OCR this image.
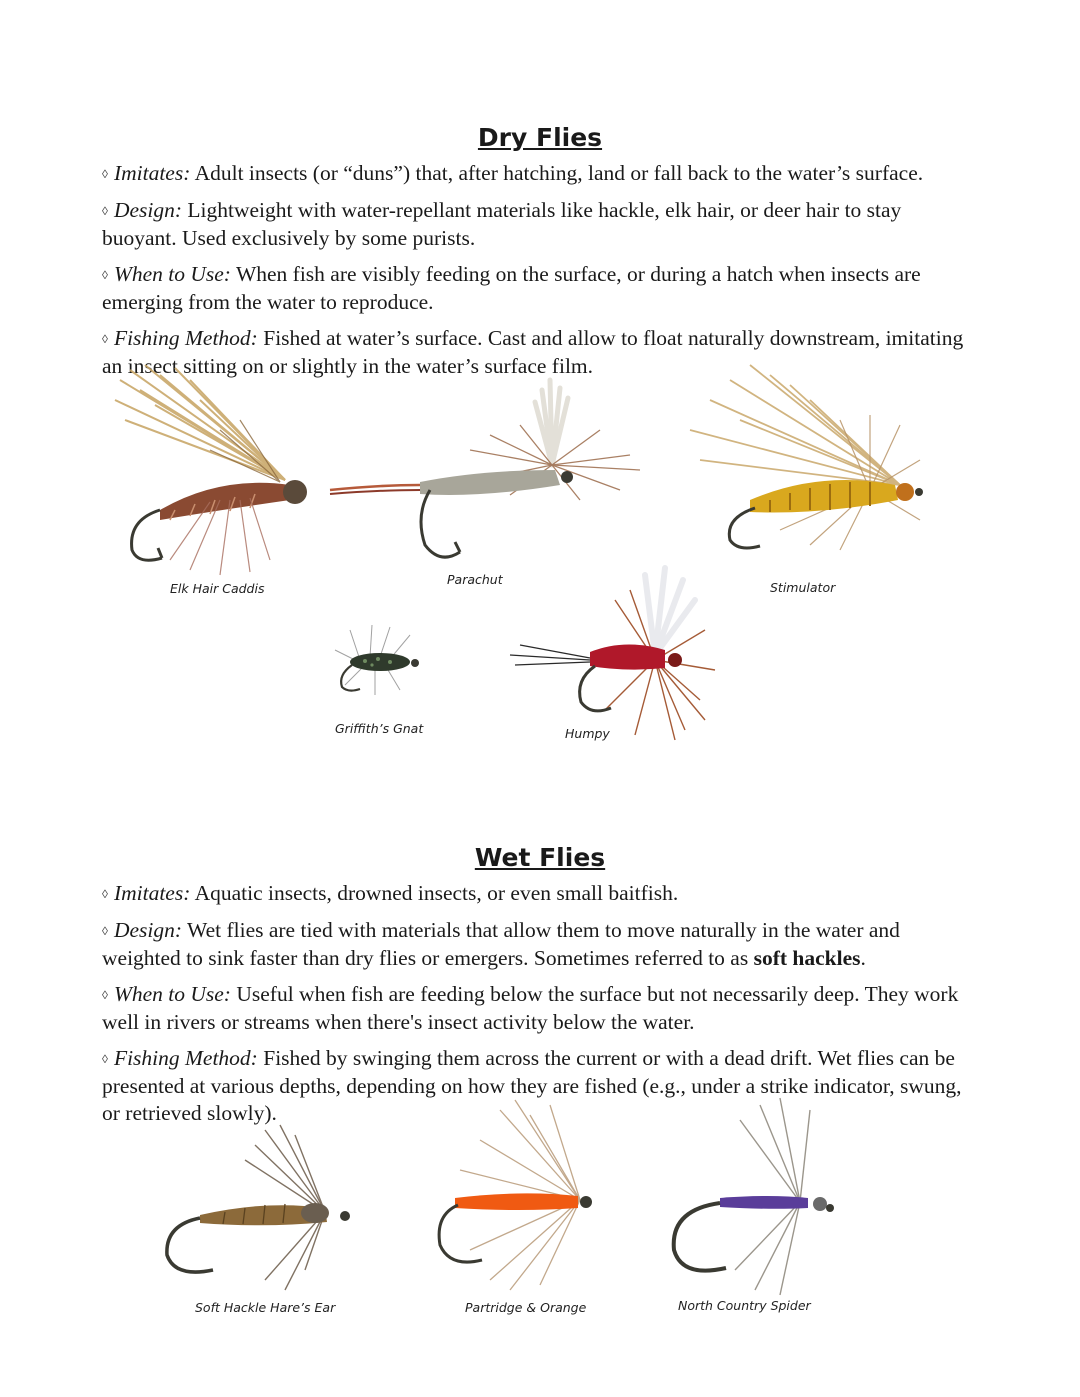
Dry Flies

◊ Imitates: Adult insects (or “duns”) that, after hatching, land or fall back to the water’s surface.

◊ Design: Lightweight with water-repellant materials like hackle, elk hair, or deer hair to stay buoyant. Used exclusively by some purists.

◊ When to Use: When fish are visibly feeding on the surface, or during a hatch when insects are emerging from the water to reproduce.

◊ Fishing Method: Fished at water’s surface. Cast and allow to float naturally downstream, imitating an insect sitting on or slightly in the water’s surface film.

Elk Hair Caddis
Parachut
Stimulator
Griffith’s Gnat	Humpy
Wet Flies

◊ Imitates: Aquatic insects, drowned insects, or even small baitfish.

◊ Design: Wet flies are tied with materials that allow them to move naturally in the water and weighted to sink faster than dry flies or emergers. Sometimes referred to as soft hackles.

◊ When to Use: Useful when fish are feeding below the surface but not necessarily deep. They work well in rivers or streams when there's insect activity below the water.

◊ Fishing Method: Fished by swinging them across the current or with a dead drift. Wet flies can be presented at various depths, depending on how they are fished (e.g., under a strike indicator, swung, or retrieved slowly).

Soft Hackle Hare’s Ear	Partridge & Orange	North Country Spider
